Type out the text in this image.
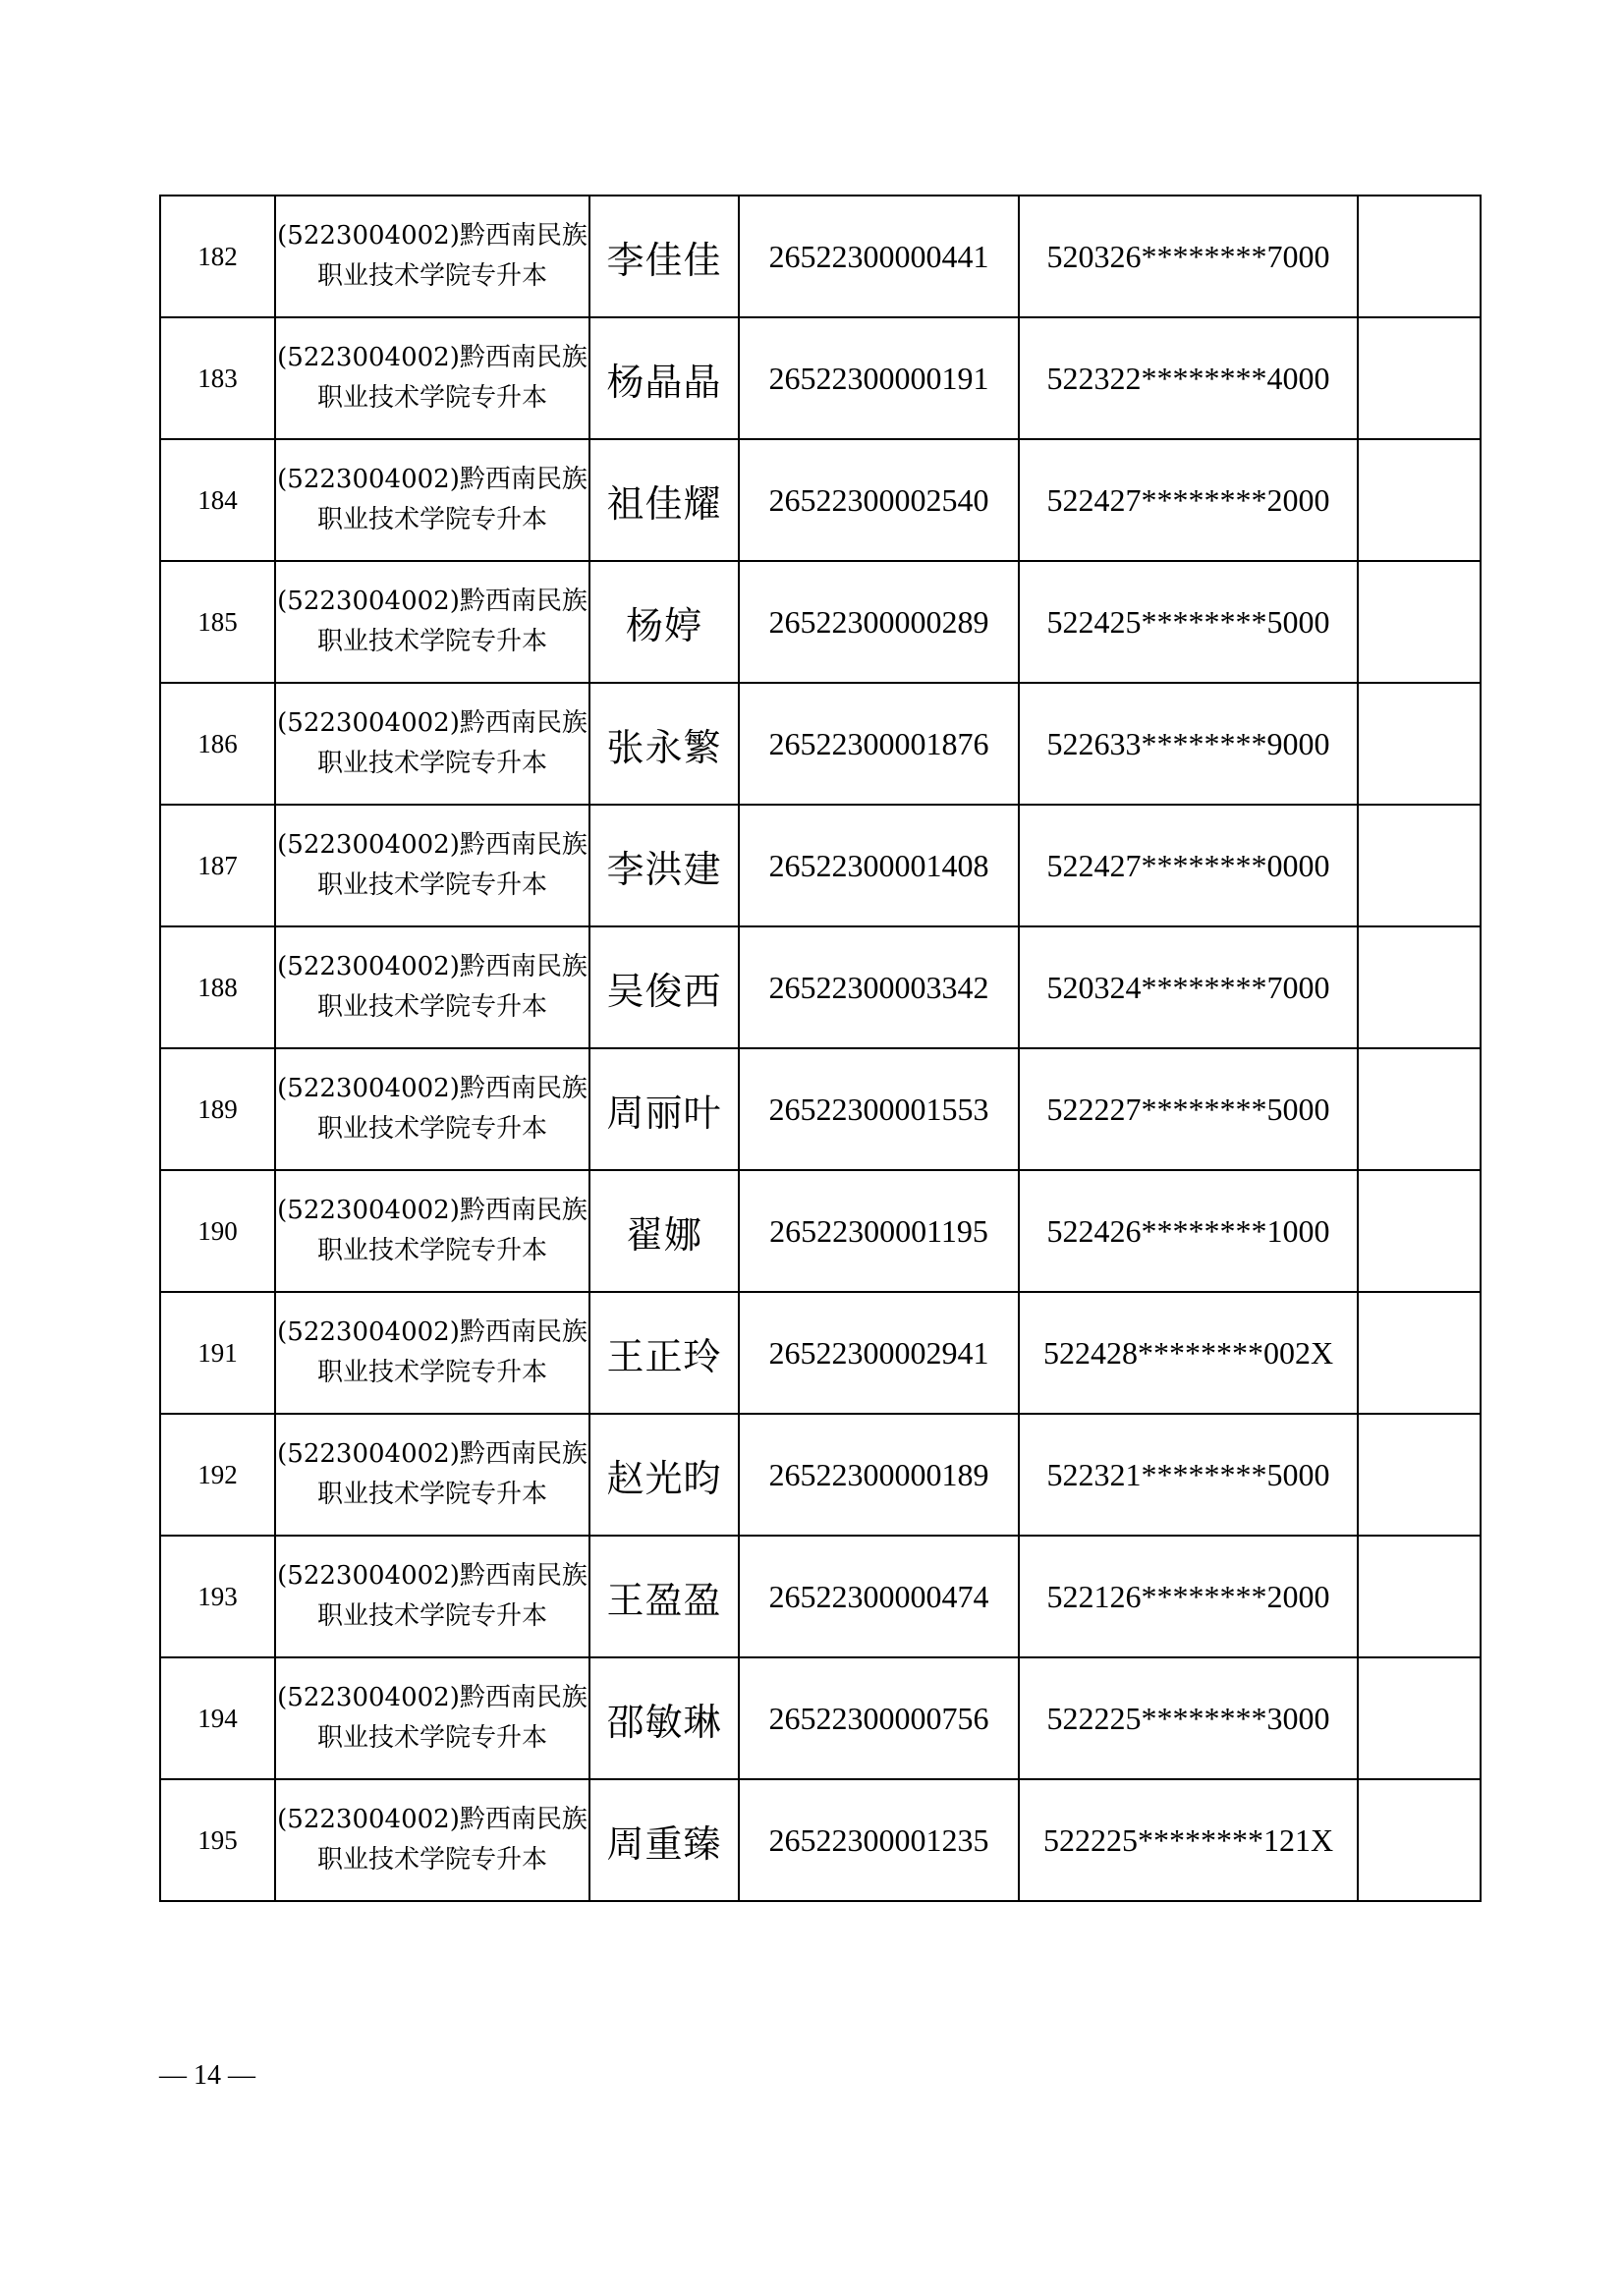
182	(5223004002)黔西南民族
职业技术学院专升本	李佳佳	26522300000441	520326********7000	
183	(5223004002)黔西南民族
职业技术学院专升本	杨晶晶	26522300000191	522322********4000	
184	(5223004002)黔西南民族
职业技术学院专升本	祖佳耀	26522300002540	522427********2000	
185	(5223004002)黔西南民族
职业技术学院专升本	杨婷	26522300000289	522425********5000	
186	(5223004002)黔西南民族
职业技术学院专升本	张永繁	26522300001876	522633********9000	
187	(5223004002)黔西南民族
职业技术学院专升本	李洪建	26522300001408	522427********0000	
188	(5223004002)黔西南民族
职业技术学院专升本	吴俊西	26522300003342	520324********7000	
189	(5223004002)黔西南民族
职业技术学院专升本	周丽叶	26522300001553	522227********5000	
190	(5223004002)黔西南民族
职业技术学院专升本	翟娜	26522300001195	522426********1000	
191	(5223004002)黔西南民族
职业技术学院专升本	王正玲	26522300002941	522428********002X	
192	(5223004002)黔西南民族
职业技术学院专升本	赵光昀	26522300000189	522321********5000	
193	(5223004002)黔西南民族
职业技术学院专升本	王盈盈	26522300000474	522126********2000	
194	(5223004002)黔西南民族
职业技术学院专升本	邵敏琳	26522300000756	522225********3000	
195	(5223004002)黔西南民族
职业技术学院专升本	周重臻	26522300001235	522225********121X	
— 14 —
